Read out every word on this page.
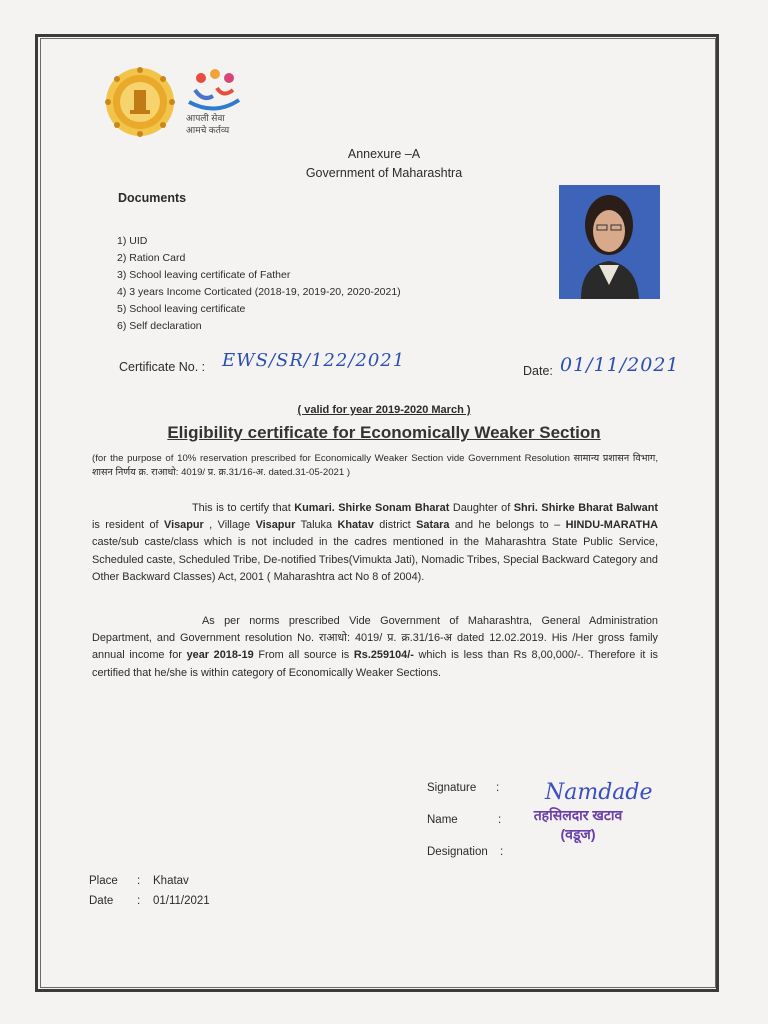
आपली सेवा
आमचे कर्तव्य
Annexure –A
Government of Maharashtra
Documents
1) UID
2) Ration Card
3) School leaving certificate of Father
4) 3 years Income Corticated (2018-19, 2019-20, 2020-2021)
5) School leaving certificate
6) Self declaration
Certificate No. : EWS/SR/122/2021	Date: 01/11/2021
( valid for year 2019-2020 March )
Eligibility certificate for Economically Weaker Section
(for the purpose of 10% reservation prescribed for Economically Weaker Section vide Government Resolution सामान्य प्रशासन विभाग, शासन निर्णय क्र. राआधो: 4019/ प्र. क्र.31/16-अ. dated.31-05-2021 )
This is to certify that Kumari. Shirke Sonam Bharat Daughter of Shri. Shirke Bharat Balwant is resident of Visapur , Village Visapur Taluka Khatav district Satara and he belongs to – HINDU-MARATHA caste/sub caste/class which is not included in the cadres mentioned in the Maharashtra State Public Service, Scheduled caste, Scheduled Tribe, De-notified Tribes(Vimukta Jati), Nomadic Tribes, Special Backward Category and Other Backward Classes) Act, 2001 ( Maharashtra act No 8 of 2004).
As per norms prescribed Vide Government of Maharashtra, General Administration Department, and Government resolution No. राआधो: 4019/ प्र. क्र.31/16-अ dated 12.02.2019. His /Her gross family annual income for year 2018-19 From all source is Rs.259104/- which is less than Rs 8,00,000/-. Therefore it is certified that he/she is within category of Economically Weaker Sections.
Signature :
Name	:
Designation :
Namdade
तहसिलदार खटाव
(वडूज)
Place : Khatav
Date : 01/11/2021
